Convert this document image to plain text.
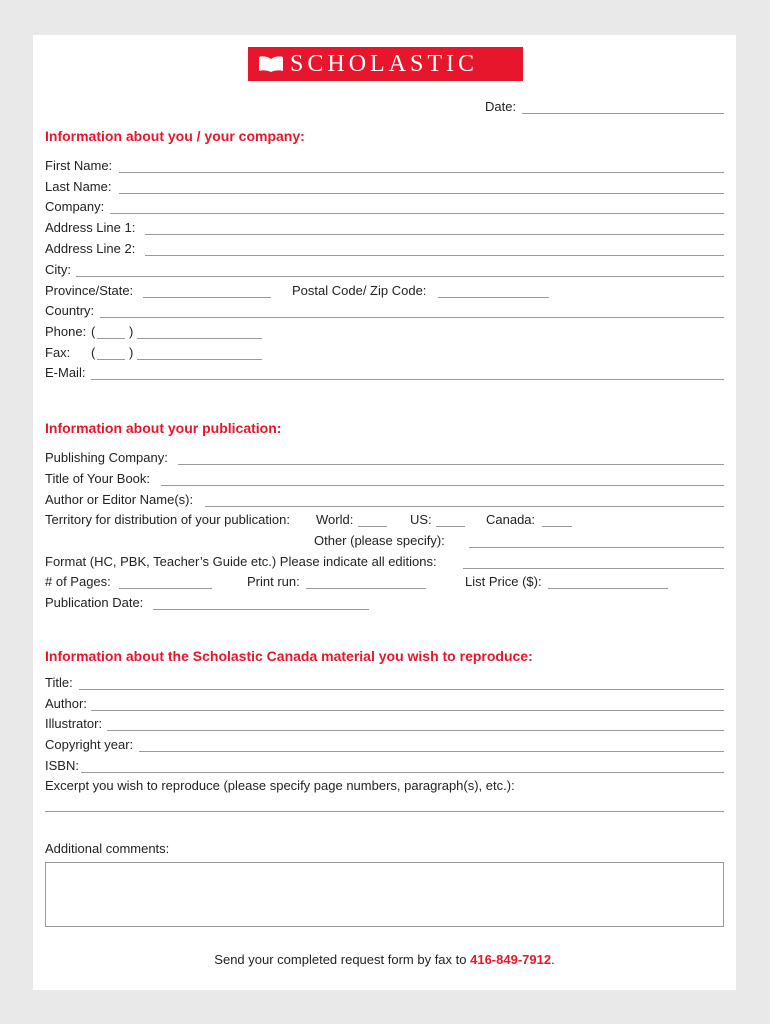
SCHOLASTIC
Date:
Information about you / your company:
First Name:
Last Name:
Company:
Address Line 1:
Address Line 2:
City:
Province/State:	Postal Code/ Zip Code:
Country:
Phone: (	)
Fax: (	)
E-Mail:
Information about your publication:
Publishing Company:
Title of Your Book:
Author or Editor Name(s):
Territory for distribution of your publication: World:	US:	Canada:
Other (please specify):
Format (HC, PBK, Teacher’s Guide etc.) Please indicate all editions:
# of Pages:	Print run:	List Price ($):
Publication Date:
Information about the Scholastic Canada material you wish to reproduce:
Title:
Author:
Illustrator:
Copyright year:
ISBN:
Excerpt you wish to reproduce (please specify page numbers, paragraph(s), etc.):
Additional comments:
Send your completed request form by fax to 416-849-7912.
